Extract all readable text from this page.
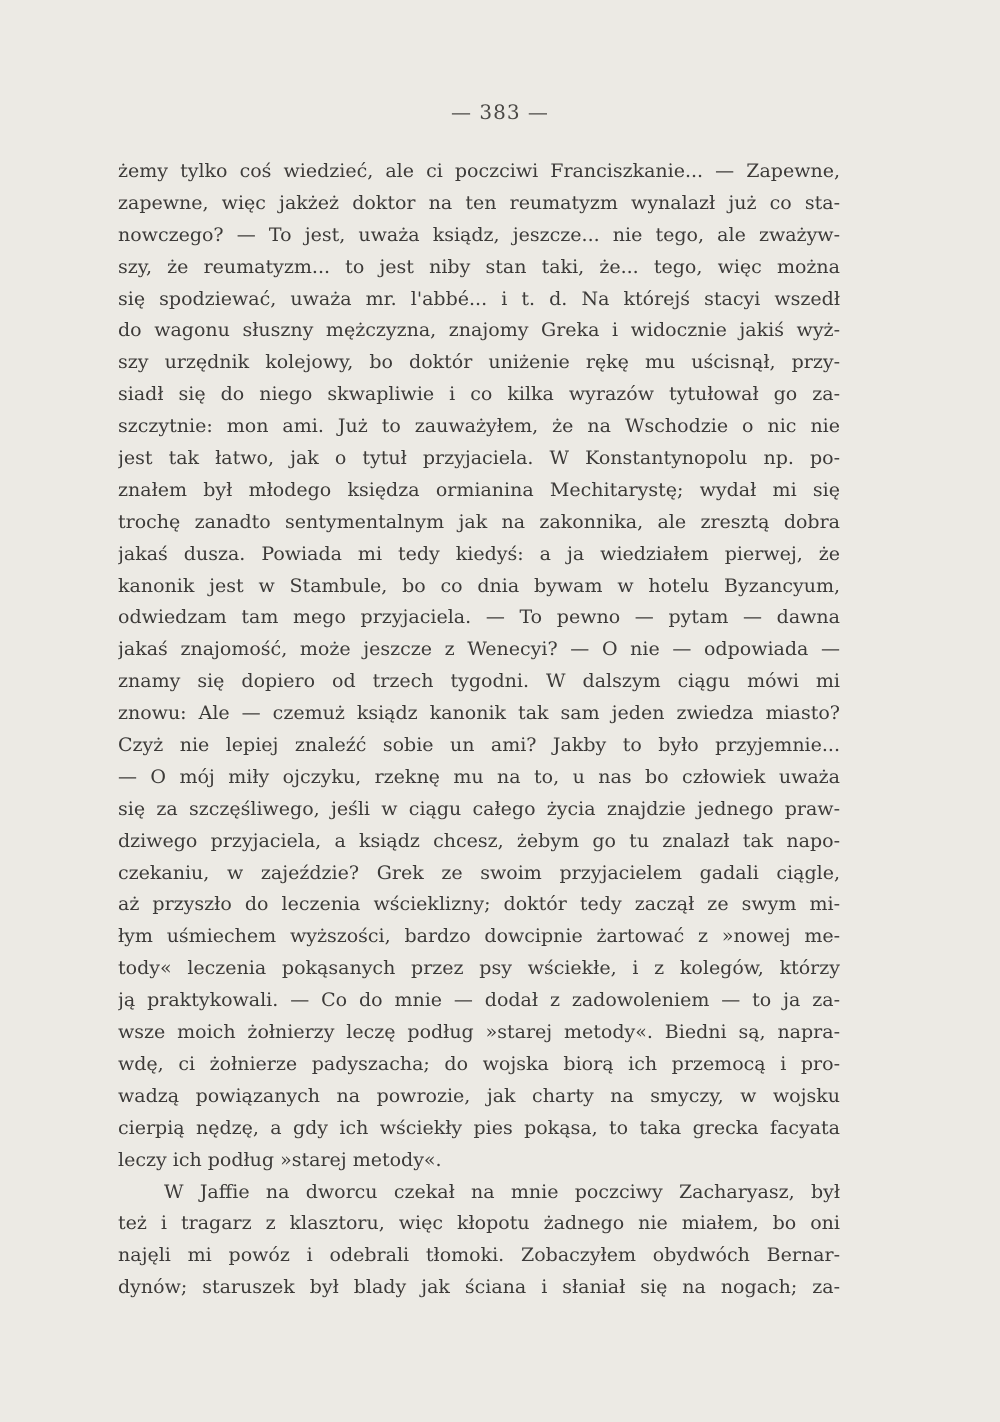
— 383 —
żemy tylko coś wiedzieć, ale ci poczciwi Franciszkanie... — Zapewne,
zapewne, więc jakżeż doktor na ten reumatyzm wynalazł już co sta-
nowczego? — To jest, uważa ksiądz, jeszcze... nie tego, ale zważyw-
szy, że reumatyzm... to jest niby stan taki, że... tego, więc można
się spodziewać, uważa mr. l'abbé... i t. d. Na którejś stacyi wszedł
do wagonu słuszny mężczyzna, znajomy Greka i widocznie jakiś wyż-
szy urzędnik kolejowy, bo doktór uniżenie rękę mu uścisnął, przy-
siadł się do niego skwapliwie i co kilka wyrazów tytułował go za-
szczytnie: mon ami. Już to zauważyłem, że na Wschodzie o nic nie
jest tak łatwo, jak o tytuł przyjaciela. W Konstantynopolu np. po-
znałem był młodego księdza ormianina Mechitarystę; wydał mi się
trochę zanadto sentymentalnym jak na zakonnika, ale zresztą dobra
jakaś dusza. Powiada mi tedy kiedyś: a ja wiedziałem pierwej, że
kanonik jest w Stambule, bo co dnia bywam w hotelu Byzancyum,
odwiedzam tam mego przyjaciela. — To pewno — pytam — dawna
jakaś znajomość, może jeszcze z Wenecyi? — O nie — odpowiada —
znamy się dopiero od trzech tygodni. W dalszym ciągu mówi mi
znowu: Ale — czemuż ksiądz kanonik tak sam jeden zwiedza miasto?
Czyż nie lepiej znaleźć sobie un ami? Jakby to było przyjemnie...
— O mój miły ojczyku, rzeknę mu na to, u nas bo człowiek uważa
się za szczęśliwego, jeśli w ciągu całego życia znajdzie jednego praw-
dziwego przyjaciela, a ksiądz chcesz, żebym go tu znalazł tak napo-
czekaniu, w zajeździe? Grek ze swoim przyjacielem gadali ciągle,
aż przyszło do leczenia wścieklizny; doktór tedy zaczął ze swym mi-
łym uśmiechem wyższości, bardzo dowcipnie żartować z »nowej me-
tody« leczenia pokąsanych przez psy wściekłe, i z kolegów, którzy
ją praktykowali. — Co do mnie — dodał z zadowoleniem — to ja za-
wsze moich żołnierzy leczę podług »starej metody«. Biedni są, napra-
wdę, ci żołnierze padyszacha; do wojska biorą ich przemocą i pro-
wadzą powiązanych na powrozie, jak charty na smyczy, w wojsku
cierpią nędzę, a gdy ich wściekły pies pokąsa, to taka grecka facyata
leczy ich podług »starej metody«.
W Jaffie na dworcu czekał na mnie poczciwy Zacharyasz, był
też i tragarz z klasztoru, więc kłopotu żadnego nie miałem, bo oni
najęli mi powóz i odebrali tłomoki. Zobaczyłem obydwóch Bernar-
dynów; staruszek był blady jak ściana i słaniał się na nogach; za-
